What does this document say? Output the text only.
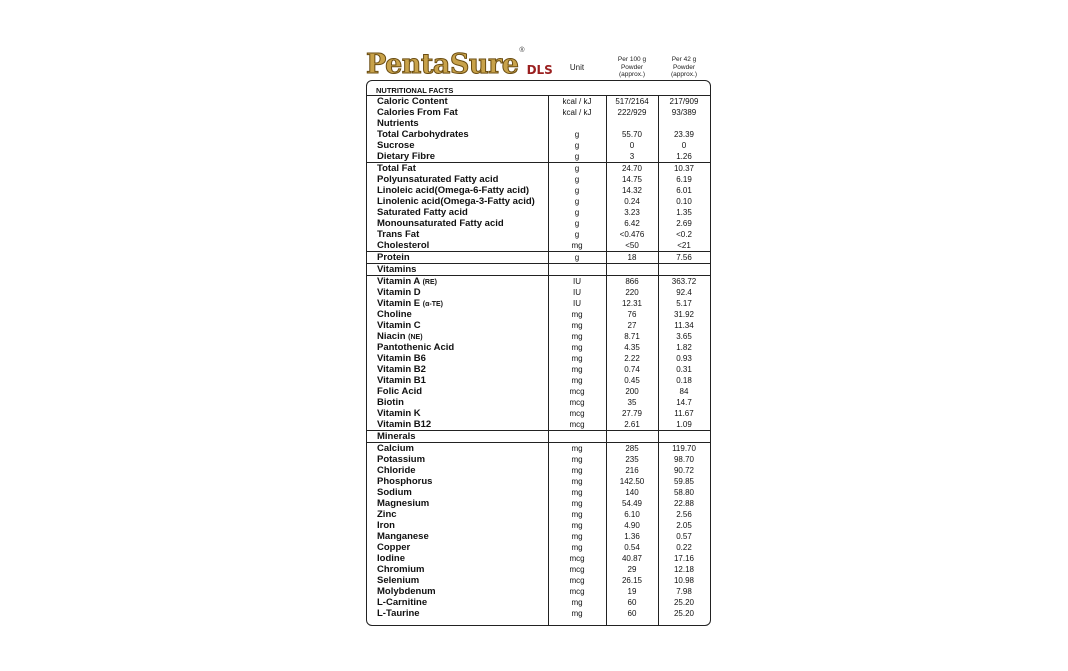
PentaSure ®
DLS	Unit
Per 100 g
Powder
(approx.)
Per 42 g
Powder
(approx.)
NUTRITIONAL FACTS
Caloric Content	kcal / kJ	517/2164	217/909
Calories From Fat	kcal / kJ	222/929	93/389
Nutrients
Total Carbohydrates	g	55.70	23.39
Sucrose	g	0	0
Dietary Fibre	g	3	1.26
Total Fat	g	24.70	10.37
Polyunsaturated Fatty acid	g	14.75	6.19
Linoleic acid(Omega-6-Fatty acid)	g	14.32	6.01
Linolenic acid(Omega-3-Fatty acid)	g	0.24	0.10
Saturated Fatty acid	g	3.23	1.35
Monounsaturated Fatty acid	g	6.42	2.69
Trans Fat	g	<0.476	<0.2
Cholesterol	mg	<50	<21
Protein	g	18	7.56
Vitamins
Vitamin A (RE)	IU	866	363.72
Vitamin D	IU	220	92.4
Vitamin E (α-TE)	IU	12.31	5.17
Choline	mg	76	31.92
Vitamin C	mg	27	11.34
Niacin (NE)	mg	8.71	3.65
Pantothenic Acid	mg	4.35	1.82
Vitamin B6	mg	2.22	0.93
Vitamin B2	mg	0.74	0.31
Vitamin B1	mg	0.45	0.18
Folic Acid	mcg	200	84
Biotin	mcg	35	14.7
Vitamin K	mcg	27.79	11.67
Vitamin B12	mcg	2.61	1.09
Minerals
Calcium	mg	285	119.70
Potassium	mg	235	98.70
Chloride	mg	216	90.72
Phosphorus	mg	142.50	59.85
Sodium	mg	140	58.80
Magnesium	mg	54.49	22.88
Zinc	mg	6.10	2.56
Iron	mg	4.90	2.05
Manganese	mg	1.36	0.57
Copper	mg	0.54	0.22
Iodine	mcg	40.87	17.16
Chromium	mcg	29	12.18
Selenium	mcg	26.15	10.98
Molybdenum	mcg	19	7.98
L-Carnitine	mg	60	25.20
L-Taurine	mg	60	25.20
